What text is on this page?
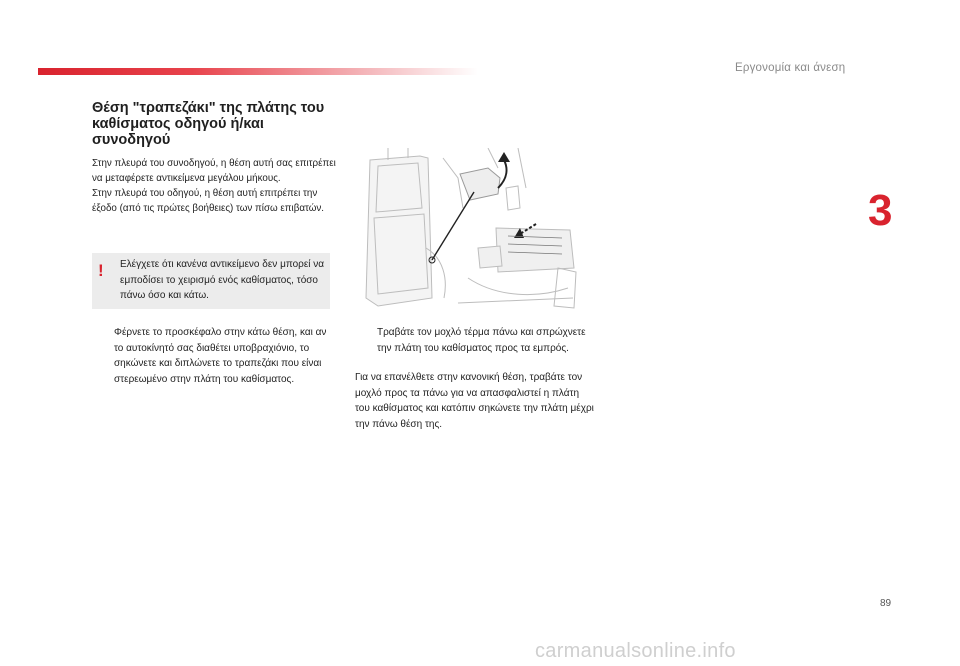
Εργονομία και άνεση
3
Θέση "τραπεζάκι" της πλάτης του καθίσματος οδηγού ή/και συνοδηγού

Στην πλευρά του συνοδηγού, η θέση αυτή σας επιτρέπει να μεταφέρετε αντικείμενα μεγάλου μήκους.

Στην πλευρά του οδηγού, η θέση αυτή επιτρέπει την έξοδο (από τις πρώτες βοήθειες) των πίσω επιβατών.

! Ελέγχετε ότι κανένα αντικείμενο δεν μπορεί να εμποδίσει το χειρισμό ενός καθίσματος, τόσο πάνω όσο και κάτω.
Φέρνετε το προσκέφαλο στην κάτω θέση, και αν το αυτοκίνητό σας διαθέτει υποβραχιόνιο, το σηκώνετε και διπλώνετε το τραπεζάκι που είναι στερεωμένο στην πλάτη του καθίσματος.
Τραβάτε τον μοχλό τέρμα πάνω και σπρώχνετε την πλάτη του καθίσματος προς τα εμπρός.
Για να επανέλθετε στην κανονική θέση, τραβάτε τον μοχλό προς τα πάνω για να απασφαλιστεί η πλάτη του καθίσματος και κατόπιν σηκώνετε την πλάτη μέχρι την πάνω θέση της.
89
carmanualsonline.info
